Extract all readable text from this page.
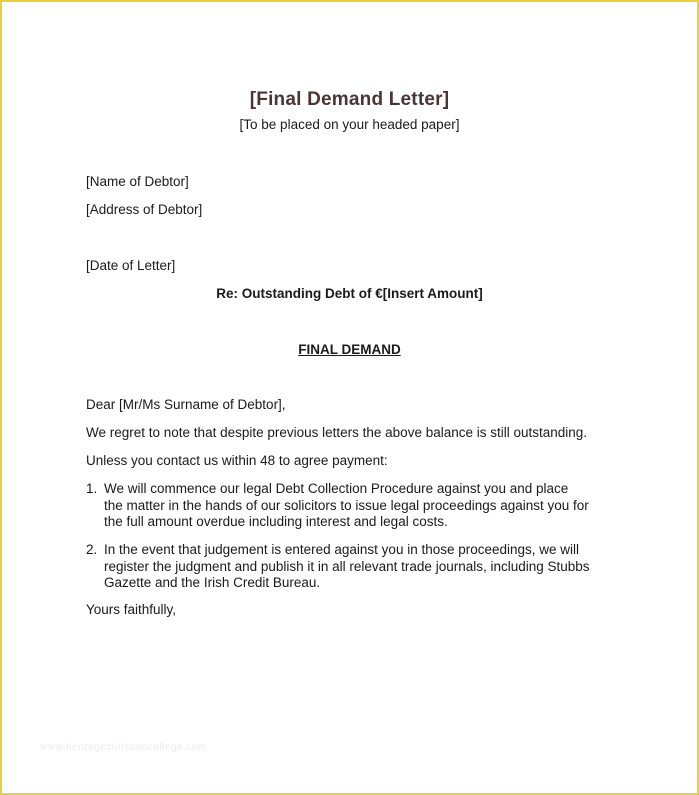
[Final Demand Letter]
[To be placed on your headed paper]
[Name of Debtor]
[Address of Debtor]
[Date of Letter]
Re: Outstanding Debt of €[Insert Amount]
FINAL DEMAND
Dear [Mr/Ms Surname of Debtor],
We regret to note that despite previous letters the above balance is still outstanding.
Unless you contact us within 48 to agree payment:
1. We will commence our legal Debt Collection Procedure against you and place
the matter in the hands of our solicitors to issue legal proceedings against you for
the full amount overdue including interest and legal costs.
2. In the event that judgement is entered against you in those proceedings, we will
register the judgment and publish it in all relevant trade journals, including Stubbs
Gazette and the Irish Credit Bureau.
Yours faithfully,
www.heritagechristiancollege.com
